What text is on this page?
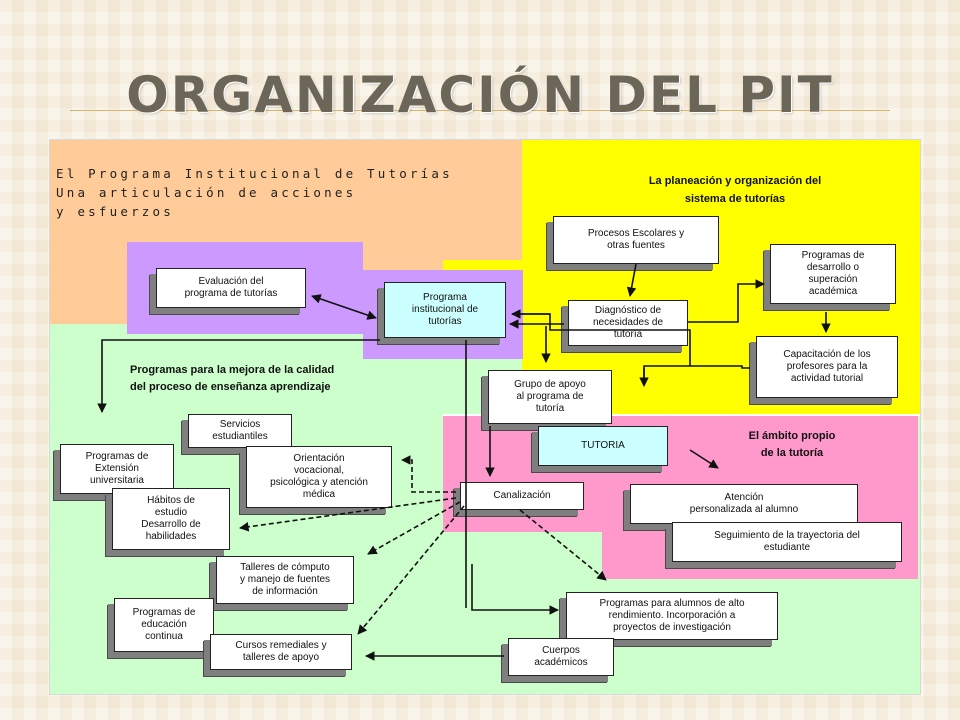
ORGANIZACIÓN DEL PIT
El Programa Institucional de Tutorías
Una articulación de acciones
y esfuerzos
La planeación y organización del
sistema de tutorías
Programas para la mejora de la calidad
del proceso de enseñanza aprendizaje
El ámbito propio
de la tutoría
Evaluación del
programa de tutorías	Programa
institucional de
tutorías
Procesos Escolares y
otras fuentes
Diagnóstico de
necesidades de
tutoría
Programas de
desarrollo o
superación
académica
Capacitación de los
profesores para la
actividad tutorial
Grupo de apoyo
al programa de
tutoría
TUTORIA
Canalización	Atención
personalizada al alumno
Seguimiento de la trayectoria del
estudiante
Servicios
estudiantiles
Orientación
vocacional,
psicológica y atención
médica
Programas de
Extensión
universitaria
Hábitos de
estudio
Desarrollo de
habilidades
Talleres de cómputo
y manejo de fuentes
de información
Programas de
educación
continua
Cursos remediales y
talleres de apoyo
Programas para alumnos de alto
rendimiento. Incorporación a
proyectos de investigación
Cuerpos
académicos
